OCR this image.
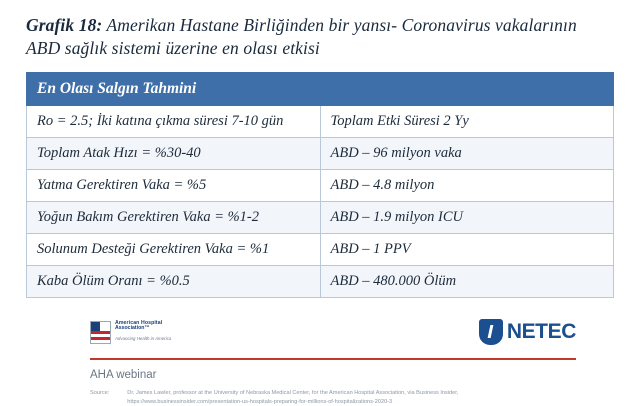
Grafik 18: Amerikan Hastane Birliğinden bir yansı- Coronavirus vakalarının ABD sağlık sistemi üzerine en olası etkisi

En Olası Salgın Tahmini	
Ro = 2.5; İki katına çıkma süresi 7-10 gün	Toplam Etki Süresi 2 Yy
Toplam Atak Hızı = %30-40	ABD – 96 milyon vaka
Yatma Gerektiren Vaka = %5	ABD – 4.8 milyon
Yoğun Bakım Gerektiren Vaka = %1-2	ABD – 1.9 milyon ICU
Solunum Desteği Gerektiren Vaka = %1	ABD – 1 PPV
Kaba Ölüm Oranı = %0.5	ABD – 480.000 Ölüm
American Hospital
Association™
Advancing Health in America	NETEC
AHA webinar
Source:	Dr. James Lawler, professor at the University of Nebraska Medical Center, for the American Hospital Association, via Business Insider, https://www.businessinsider.com/presentation-us-hospitals-preparing-for-millions-of-hospitalizations-2020-3
